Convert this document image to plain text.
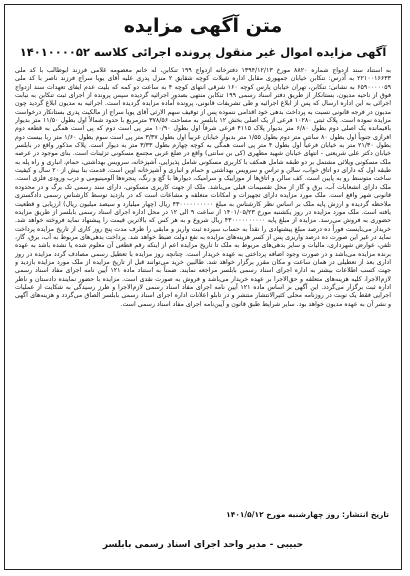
متن آگهی مزایده
آگهی مزایده اموال غیر منقول پرونده اجرائی کلاسه ۱۴۰۱۰۰۰۰۵۲
به استناد سند ازدواج شماره ۸۸۲۰ مورخ ۱۳۹۴/۱۲/۱۳ دفترخانه ازدواج ۱۹۹ تنکابن، له خانم معصومه غلامی فرزند ابوطالب با کد ملی ۲۲۱۰۰۱۶۶۳۳ به آدرس: تنکابن خیابان جمهوری مقابل اداره شیلات کوچه شقایق ۲ منزل پدری علیه آقای یویا سراج فرزند ناصر با کد ملی ۶۵۹۰۰۰۰۰۵۹ به نشانی: تنکابن، تهران خیابان پارس کوچه ۱۶۰ شرقی انتهای کوچه ۴ به ساعت دو کمه که بلیت عدم ایفای تعهدات سند ازدواج فوق از ناحیه مدیون، بستانکار از طریق دفتر اسناد رسمی ۱۹۹ تنکابن منتهی بصدور اجرائیه گردیده سپس پرونده از اجرای ثبت تنکابن به نیابت اجرائی به این اداره ارسال که پس از ابلاغ اجرائیه و طی تشریفات قانونی، پرونده آماده مزایده گردیده است. اجرائیه به مدیون ابلاغ گردید چون مدیون در فرجه قانونی نسبت به پرداخت بدهی خود اقدامی ننموده پس از توقیف سهم الارثی آقای یویا سراج از مالکیت پدری بستانکار درخواست مزایده نموده است. پلاک ثبتی ۱۰۲۸۰ فرعی از یک اصلی بخش ۱۲ بابلسر به مساحت ۳۷۸/۵۶ مترمربع با حدود شمالاً اول بطول ۱۱/۵۰ متر بدیوار باقیمانده یک اصلی دوم بطول ۶/۸۰ متر بدیوار پلاک ۴۱۱۵ فرعی شرقاً اول بطول ۱۰/۹۰ متر پی است دوم که پی است همگی به قطعه دوم افرازی جنوباً اول بطول ۸۰ سانتی متر دوم بطول ۱/۵۵ متر بدیوار خیابان غربیاً اول بطول ۳/۳۷ متر پی است سوم بطول ۱/۶۰ متر ربا بیست دوم بطول ۲۱/۳۰ متر به خیابان فرعیاً اول بطول ۴ متر پی است همگی به کوچه چهارم بطول ۳/۳۳ متر به دیوار است. پلاک مذکور واقع در بابلسر خیابان دکتر علی شریعتی - انتهای خیابان شهید مطهری (کی بن سانتی) واقع در ضلع غربی مجتمع مسکونی تزئینات است. بنای موجود در عرصه ملک مسکونی ویلائی مشتمل بر دو طبقه شامل همکف با کاربری مسکونی شامل پذیرایی، آشپزخانه، سرویس بهداشتی، حمام، انباری و راه پله به طبقه اول که دارای دو اتاق خواب، سالن و تراس و سرویس بهداشتی و حمام و انباری و آشپزخانه اوپن است. قدمت بنا بیش از ۲۰ سال و کیفیت ساخت متوسط رو به پایین است. کف سالن و اتاق‌ها از موزاییک و سرامیک، دیوارها با گچ و رنگ، پنجره‌ها آلومینیومی و درب ورودی فلزی است. ملک دارای انشعابات آب، برق و گاز از محل تقسیمات قبلی می‌باشد. ملک از جهت کاربری مسکونی، دارای سند رسمی تک برگ و در محدوده قانونی شهر واقع است. ملک مورد مزایده دارای تجهیزات و امکانات متعلقه و مشاعات است که در بازدید توسط کارشناس رسمی دادگستری ملاحظه گردیده و ارزش پایه ملک بر اساس نظر کارشناس به مبلغ ۴۳۰۰۰۰۰۰۰۰۰۰ ریال (چهار میلیارد و سیصد میلیون ریال) ارزیابی و قطعیت یافته است. ملک مورد مزایده در روز یکشنبه مورخ ۱۴۰۱/۰۵/۲۳ از ساعت ۹ الی ۱۲ در محل اداره اجرای اسناد رسمی بابلسر از طریق مزایده حضوری به فروش می‌رسد. مزایده از مبلغ پایه ۴۳۰۰۰۰۰۰۰۰۰۰ ریال شروع و به هر کس که بالاترین قیمت را پیشنهاد نماید فروخته خواهد شد. خریدار می‌بایست فوراً ده درصد مبلغ پیشنهادی را نقداً به حساب سپرده ثبت واریز و مابقی را ظرف مدت پنج روز کاری از تاریخ مزایده پرداخت نماید در غیر این صورت ده درصد واریزی پس از کسر هزینه‌های مزایده به نفع دولت ضبط خواهد شد. پرداخت بدهی‌های مربوط به آب، برق، گاز، تلفن، عوارض شهرداری، مالیات و سایر بدهی‌های مربوط به ملک تا تاریخ مزایده اعم از اینکه رقم قطعی آن معلوم شده یا نشده باشد به عهده برنده مزایده می‌باشد و در صورت وجود اضافه پرداختی به عهده خریدار است. چنانچه روز مزایده با تعطیل رسمی مصادف گردد مزایده در روز اداری بعد از تعطیلی در همان ساعت و مکان مقرر برگزار خواهد شد. طالبین خرید می‌توانند قبل از تاریخ مزایده از ملک مورد مزایده بازدید و جهت کسب اطلاعات بیشتر به اداره اجرای اسناد رسمی بابلسر مراجعه نمایند. ضمناً به استناد ماده ۱۲۱ آیین نامه اجرای مفاد اسناد رسمی لازم‌الاجرا، کلیه هزینه‌های متعلقه و حق‌الاجرا بر عهده خریدار می‌باشد و فروش به صورت نقدی است. مزایده با حضور نماینده دادستان و ناظر اداره ثبت برگزار می‌گردد. این آگهی بر اساس ماده ۱۲۱ آیین نامه اجرای مفاد اسناد رسمی لازم‌الاجرا و طرز رسیدگی به شکایت از عملیات اجرایی فقط یک نوبت در روزنامه محلی کثیرالانتشار منتشر و در تابلو اعلانات اداره اجرای اسناد رسمی بابلسر الصاق می‌گردد و هزینه‌های آگهی و نشر آن به عهده مدیون خواهد بود. سایر شرایط طبق قانون و آیین‌نامه اجرای مفاد اسناد رسمی است.
تاریخ انتشار: روز چهارشنبه مورخ ۱۴۰۱/۵/۱۲
حبیبی - مدیر واحد اجرای اسناد رسمی بابلسر
